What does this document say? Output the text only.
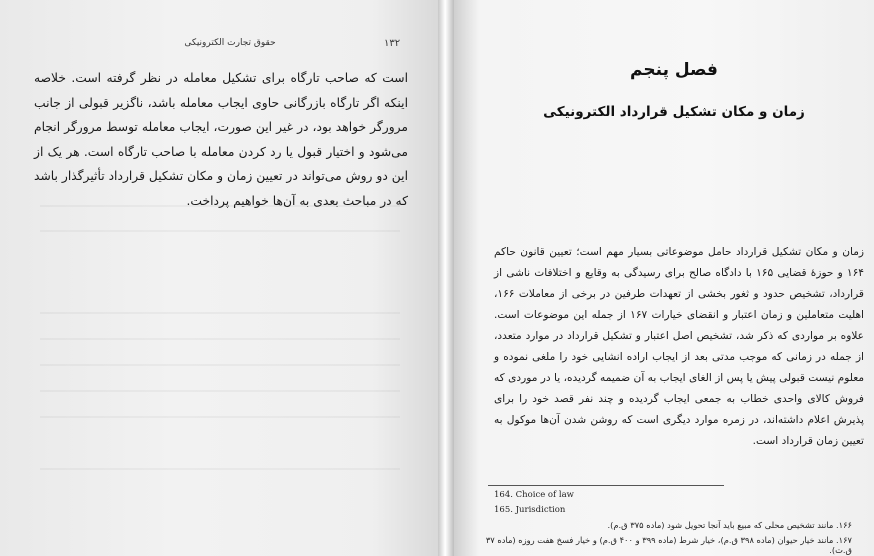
حقوق تجارت الکترونیکی	۱۳۲
است که صاحب تارگاه برای تشکیل معامله در نظر گرفته است. خلاصه اینکه اگر تارگاه بازرگانی حاوی ایجاب معامله باشد، ناگزیر قبولی از جانب مرورگر خواهد بود، در غیر این صورت، ایجاب معامله توسط مرورگر انجام می‌شود و اختیار قبول یا رد کردن معامله با صاحب تارگاه است. هر یک از این دو روش می‌تواند در تعیین زمان و مکان تشکیل قرارداد تأثیرگذار باشد که در مباحث بعدی به آن‌ها خواهیم پرداخت.
فصل پنجم
زمان و مکان تشکیل قرارداد الکترونیکی
زمان و مکان تشکیل قرارداد حامل موضوعاتی بسیار مهم است؛ تعیین قانون حاکم ۱۶۴ و حوزهٔ قضایی ۱۶۵ با دادگاه صالح برای رسیدگی به وقایع و اختلافات ناشی از قرارداد، تشخیص حدود و ثغور بخشی از تعهدات طرفین در برخی از معاملات ۱۶۶، اهلیت متعاملین و زمان اعتبار و انقضای خیارات ۱۶۷ از جمله این موضوعات است. علاوه بر مواردی که ذکر شد، تشخیص اصل اعتبار و تشکیل قرارداد در موارد متعدد، از جمله در زمانی که موجب مدتی بعد از ایجاب اراده انشایی خود را ملغی نموده و معلوم نیست قبولی پیش یا پس از الغای ایجاب به آن ضمیمه گردیده، یا در موردی که فروش کالای واحدی خطاب به جمعی ایجاب گردیده و چند نفر قصد خود را برای پذیرش اعلام داشته‌اند، در زمره موارد دیگری است که روشن شدن آن‌ها موکول به تعیین زمان قرارداد است.
164. Choice of law
165. Jurisdiction
۱۶۶. مانند تشخیص محلی که مبیع باید آنجا تحویل شود (ماده ۳۷۵ ق.م).
۱۶۷. مانند خیار حیوان (ماده ۳۹۸ ق.م)، خیار شرط (ماده ۳۹۹ و ۴۰۰ ق.م) و خیار فسخ هفت روزه (ماده ۳۷ ق.ت).
